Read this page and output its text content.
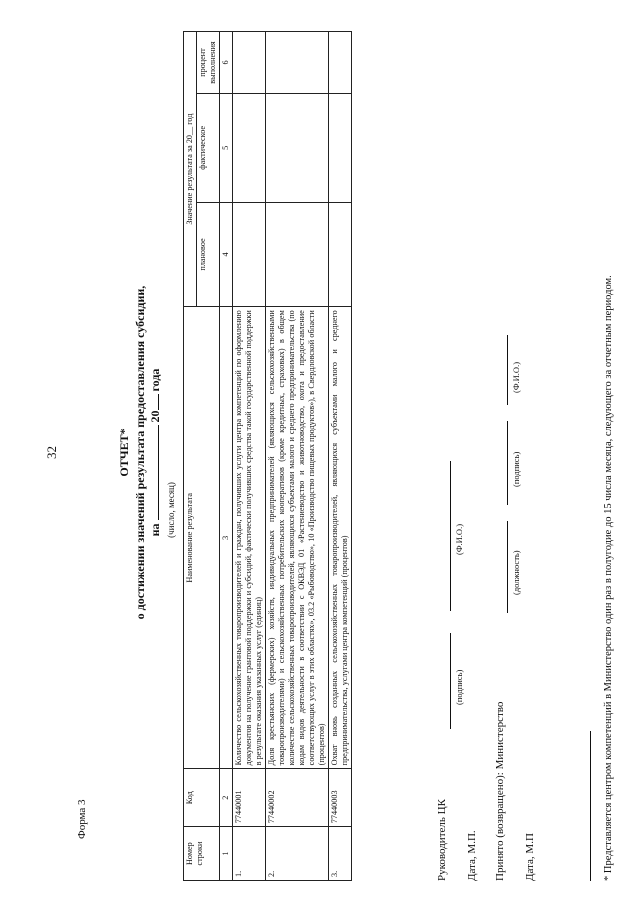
32
Форма 3
ОТЧЕТ* о достижении значений результата предоставления субсидии, на  20 года
(число, месяц)
Номер строки	Код	Наименование результата	Значение результата за 20__ год		
			плановое	фактическое	процент выполнения
1	2	3	4	5	6
1.	77440001	Количество сельскохозяйственных товаропроизводителей и граждан, получивших услуги центра компетенций по оформлению документов на получение грантовой поддержки и субсидий, фактически получивших средства такой государственной поддержки в результате оказания указанных услуг (единиц)			
2.	77440002	Доля крестьянских (фермерских) хозяйств, индивидуальных предпринимателей (являющихся сельскохозяйственными товаропроизводителями) и сельскохозяйственных потребительских кооперативов (кроме кредитных, страховых) в общем количестве сельскохозяйственных товаропроизводителей, являющихся субъектами малого и среднего предпринимательства (по кодам видов деятельности в соответствии с ОКВЭД 01 «Растениеводство и животноводство, охота и предоставление соответствующих услуг в этих областях», 03.2 «Рыбоводство», 10 «Производство пищевых продуктов»), в Свердловской области (процентов)			
3.	77440003	Охват вновь созданных сельскохозяйственных товаропроизводителей, являющихся субъектами малого и среднего предпринимательства, услугами центра компетенций (процентов)			
Руководитель ЦК
(подпись)
(Ф.И.О.)
Дата, М.П. Принято (возвращено): Министерство
(должность)
(подпись)
(Ф.И.О.)
Дата, М.П	* Представляется центром компетенций в Министерство один раз в полугодие до 15 числа месяца, следующего за отчетным периодом.
